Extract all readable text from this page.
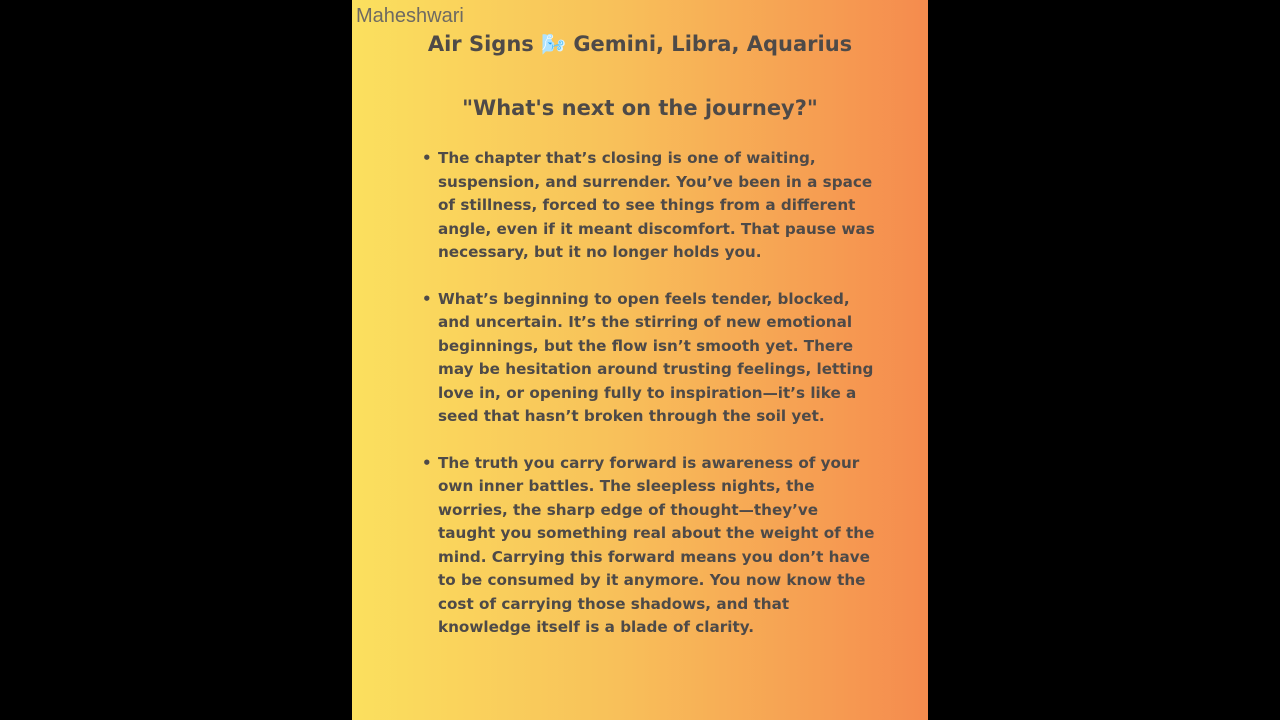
Maheshwari
Air Signs 🌬️ Gemini, Libra, Aquarius
"What's next on the journey?"
• The chapter that’s closing is one of waiting, suspension, and surrender. You’ve been in a space of stillness, forced to see things from a different angle, even if it meant discomfort. That pause was necessary, but it no longer holds you.
• What’s beginning to open feels tender, blocked, and uncertain. It’s the stirring of new emotional beginnings, but the flow isn’t smooth yet. There may be hesitation around trusting feelings, letting love in, or opening fully to inspiration—it’s like a seed that hasn’t broken through the soil yet.
• The truth you carry forward is awareness of your own inner battles. The sleepless nights, the worries, the sharp edge of thought—they’ve taught you something real about the weight of the mind. Carrying this forward means you don’t have to be consumed by it anymore. You now know the cost of carrying those shadows, and that knowledge itself is a blade of clarity.
